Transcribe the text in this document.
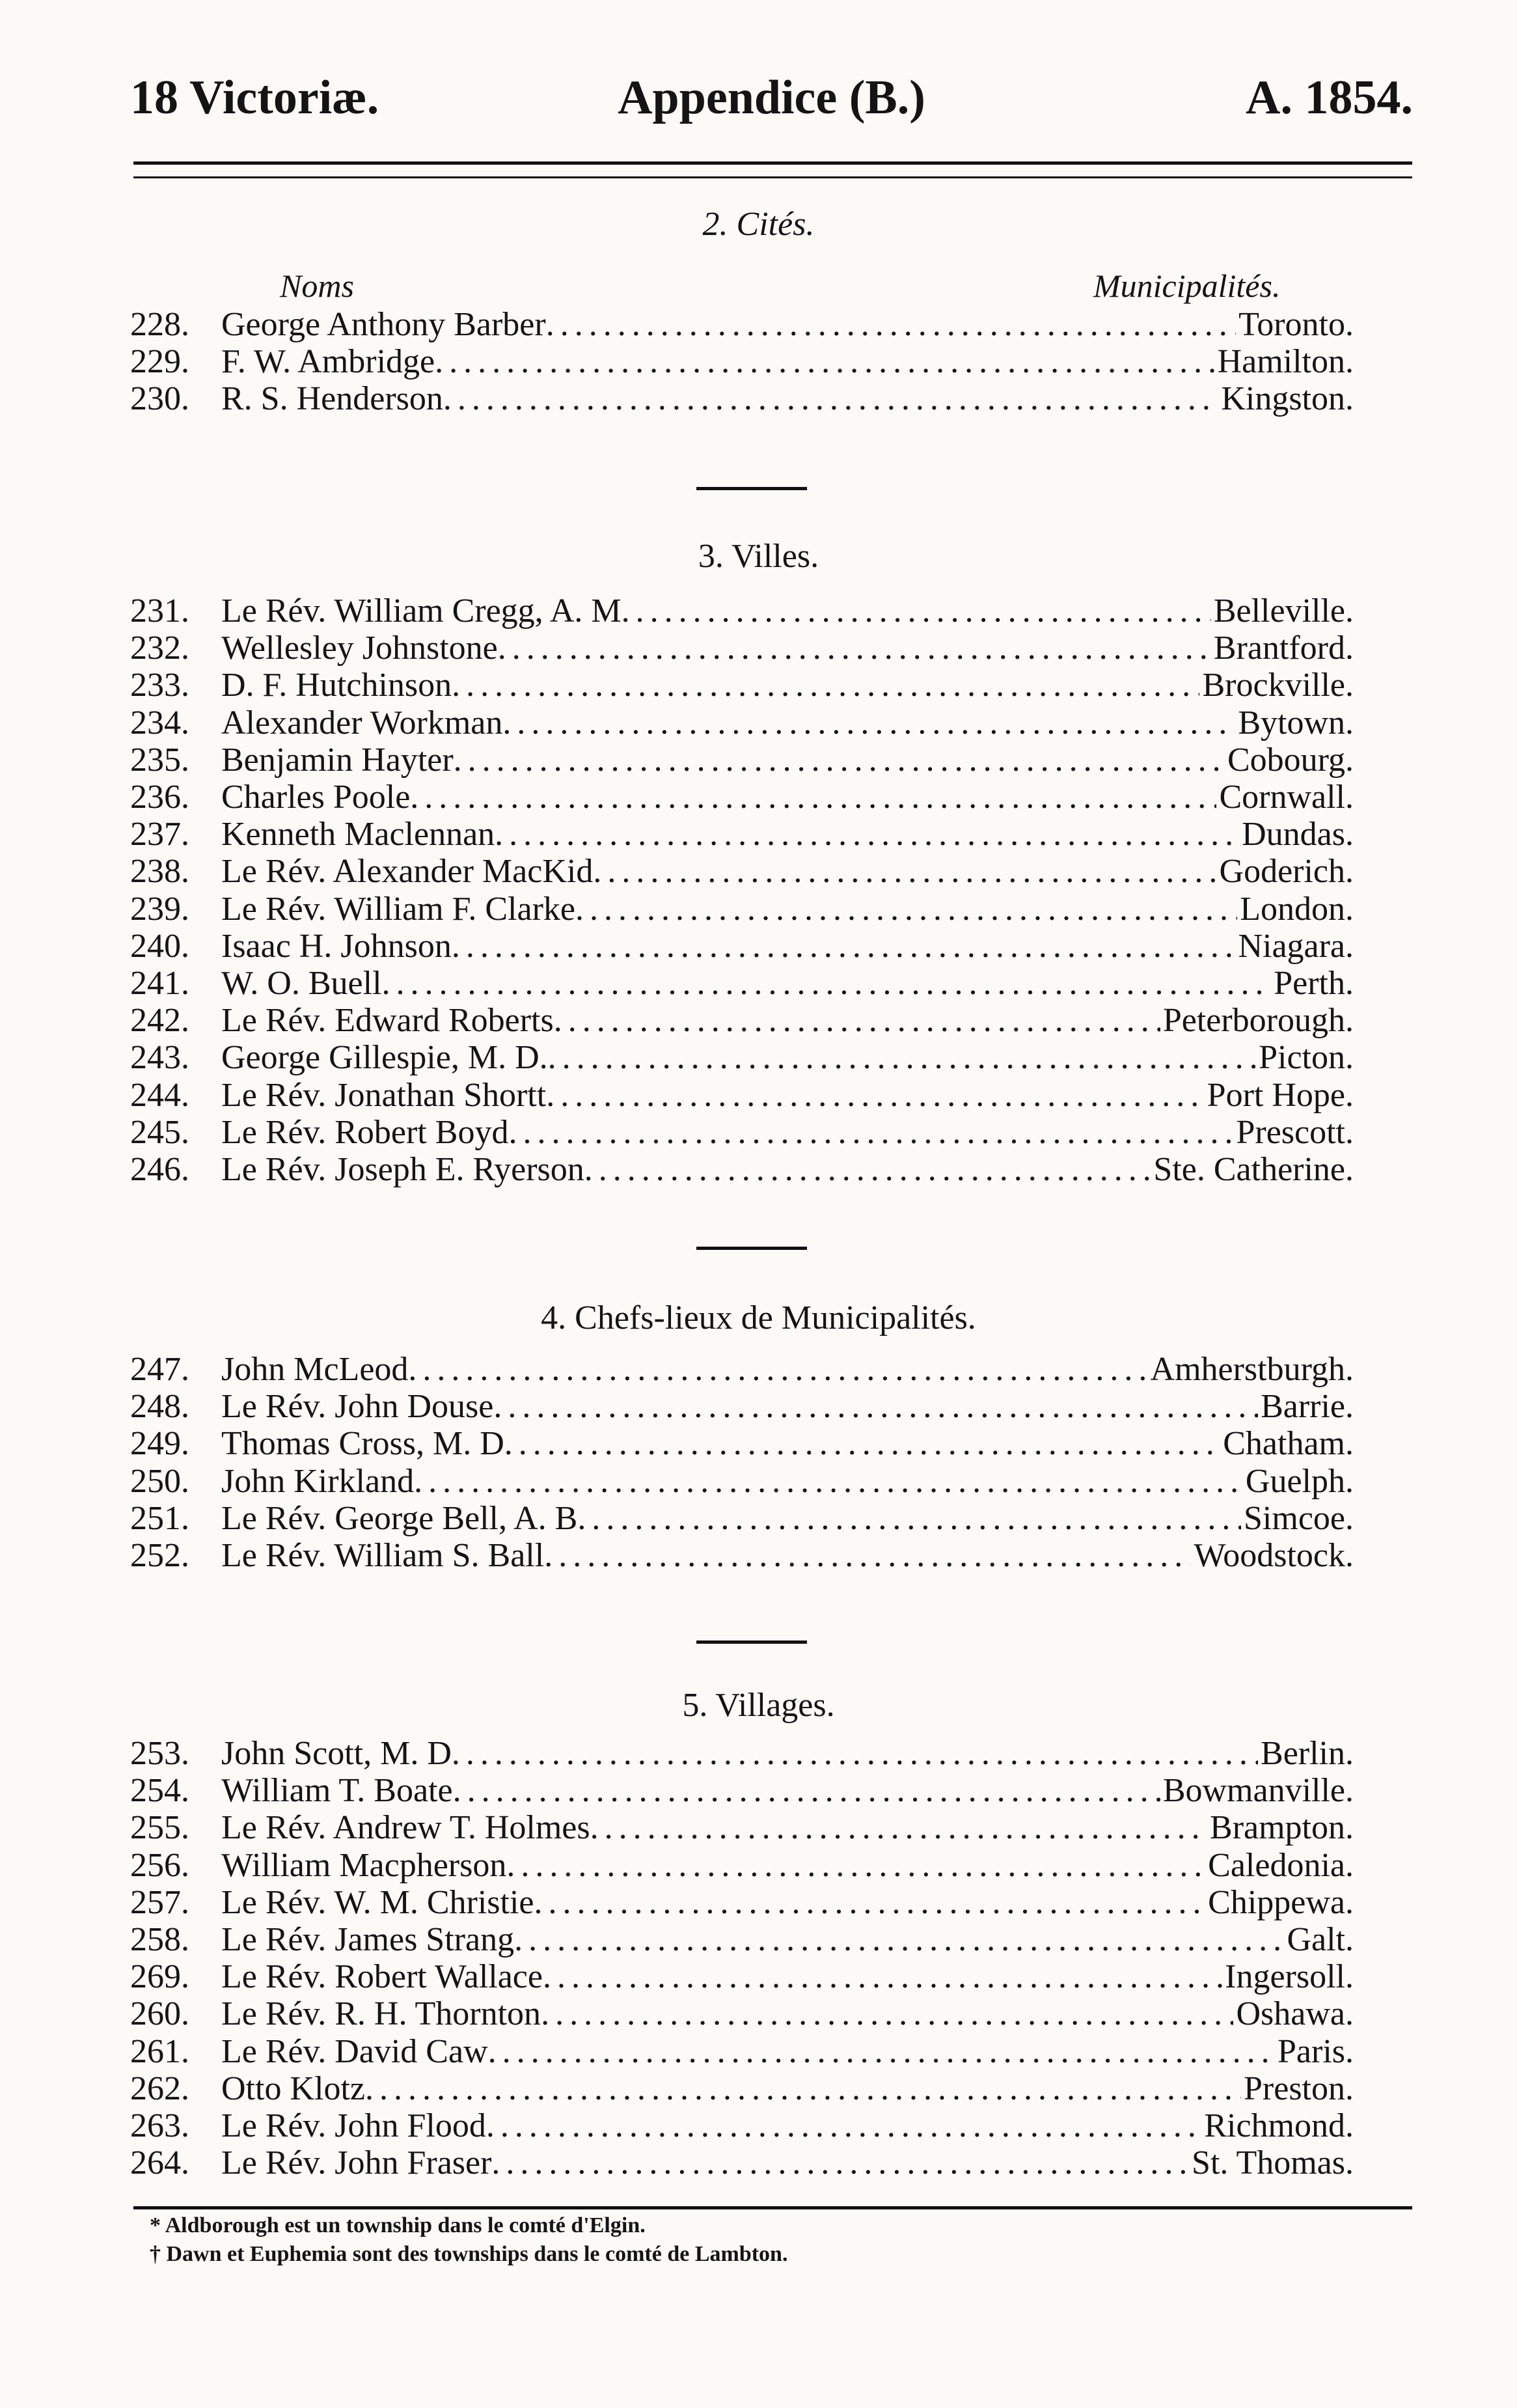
18 Victoriæ.	Appendice (B.)	A. 1854.
2. Cités.
Noms	Municipalités.
228. George Anthony Barber . . .	Toronto.
229. F. W. Ambridge . . .	Hamilton.
230. R. S. Henderson . . .	Kingston.
3. Villes.
231. Le Rév. William Cregg, A. M . . .	Belleville.
232. Wellesley Johnstone . . .	Brantford.
233. D. F. Hutchinson . . .	Brockville.
234. Alexander Workman . . .	Bytown.
235. Benjamin Hayter . . .	Cobourg.
236. Charles Poole . . .	Cornwall.
237. Kenneth Maclennan . . .	Dundas.
238. Le Rév. Alexander MacKid . . .	Goderich.
239. Le Rév. William F. Clarke . . .	London.
240. Isaac H. Johnson . . .	Niagara.
241. W. O. Buell . . .	Perth.
242. Le Rév. Edward Roberts . . .	Peterborough.
243. George Gillespie, M. D. . . .	Picton.
244. Le Rév. Jonathan Shortt . . .	Port Hope.
245. Le Rév. Robert Boyd . . .	Prescott.
246. Le Rév. Joseph E. Ryerson . . .	Ste. Catherine.
4. Chefs-lieux de Municipalités.
247. John McLeod . . .	Amherstburgh.
248. Le Rév. John Douse . . .	Barrie.
249. Thomas Cross, M. D . . .	Chatham.
250. John Kirkland . . .	Guelph.
251. Le Rév. George Bell, A. B . . .	Simcoe.
252. Le Rév. William S. Ball . . .	Woodstock.
5. Villages.
253. John Scott, M. D . . .	Berlin.
254. William T. Boate . . .	Bowmanville.
255. Le Rév. Andrew T. Holmes . . .	Brampton.
256. William Macpherson . . .	Caledonia.
257. Le Rév. W. M. Christie . . .	Chippewa.
258. Le Rév. James Strang . . .	Galt.
269. Le Rév. Robert Wallace . . .	Ingersoll.
260. Le Rév. R. H. Thornton . . .	Oshawa.
261. Le Rév. David Caw . . .	Paris.
262. Otto Klotz . . .	Preston.
263. Le Rév. John Flood . . .	Richmond.
264. Le Rév. John Fraser . . .	St. Thomas.
* Aldborough est un township dans le comté d'Elgin.
† Dawn et Euphemia sont des townships dans le comté de Lambton.
